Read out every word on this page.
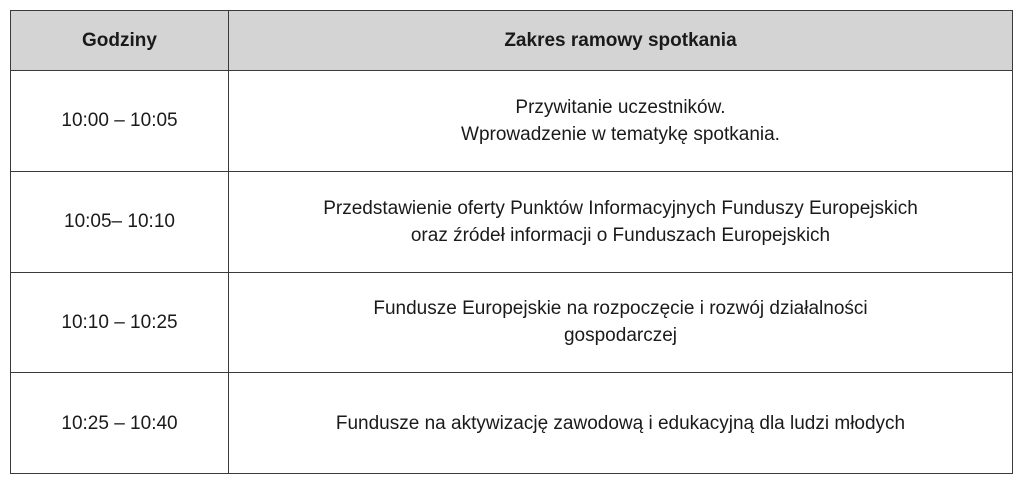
Godziny	Zakres ramowy spotkania
10:00 – 10:05	Przywitanie uczestników.
Wprowadzenie w tematykę spotkania.

10:05– 10:10	Przedstawienie oferty Punktów Informacyjnych Funduszy Europejskich
oraz źródeł informacji o Funduszach Europejskich

10:10 – 10:25	Fundusze Europejskie na rozpoczęcie i rozwój działalności
gospodarczej

10:25 – 10:40	Fundusze na aktywizację zawodową i edukacyjną dla ludzi młodych
